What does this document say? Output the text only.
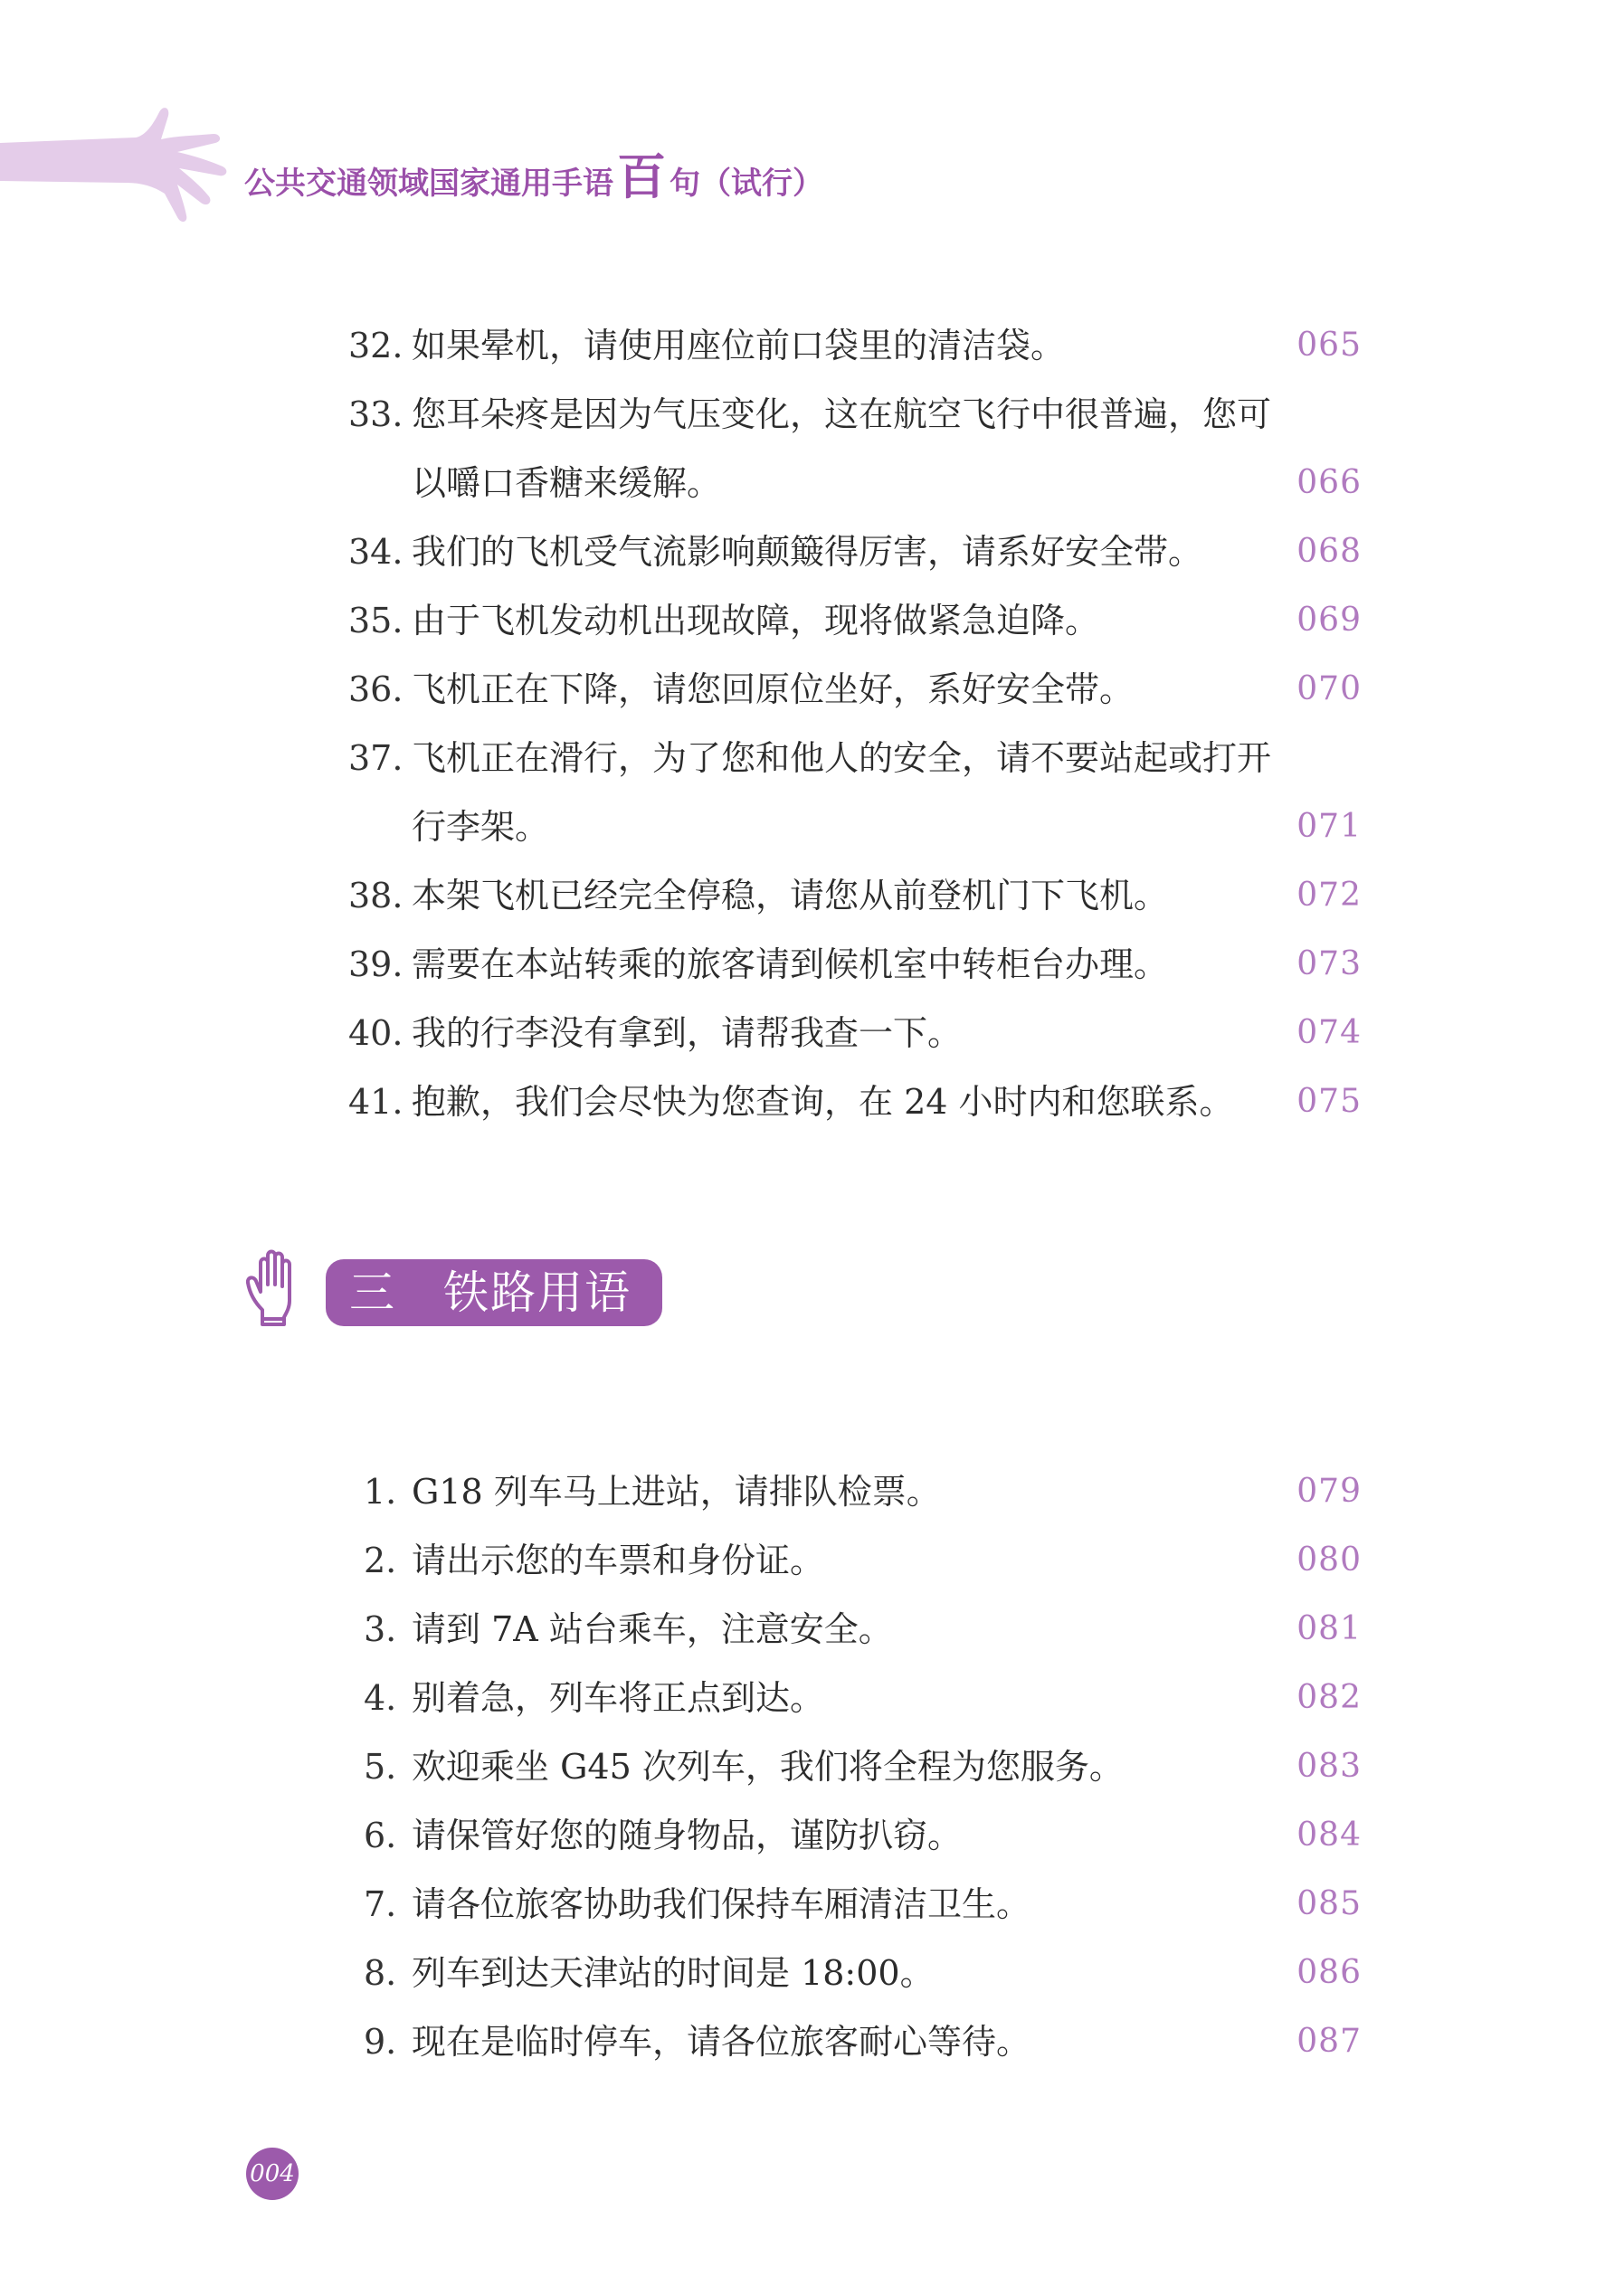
公共交通领域国家通用手语百 句（试行）
32. 如果晕机，请使用座位前口袋里的清洁袋。	065
33. 您耳朵疼是因为气压变化，这在航空飞行中很普遍，您可以嚼口香糖来缓解。	066
34. 我们的飞机受气流影响颠簸得厉害，请系好安全带。	068
35. 由于飞机发动机出现故障，现将做紧急迫降。	069
36. 飞机正在下降，请您回原位坐好，系好安全带。	070
37. 飞机正在滑行，为了您和他人的安全，请不要站起或打开行李架。	071
38. 本架飞机已经完全停稳，请您从前登机门下飞机。	072
39. 需要在本站转乘的旅客请到候机室中转柜台办理。	073
40. 我的行李没有拿到，请帮我查一下。	074
41. 抱歉，我们会尽快为您查询，在 24 小时内和您联系。	075
三 铁路用语
1. G18 列车马上进站，请排队检票。	079
2. 请出示您的车票和身份证。	080
3. 请到 7A 站台乘车，注意安全。	081
4. 别着急，列车将正点到达。	082
5. 欢迎乘坐 G45 次列车，我们将全程为您服务。	083
6. 请保管好您的随身物品，谨防扒窃。	084
7. 请各位旅客协助我们保持车厢清洁卫生。	085
8. 列车到达天津站的时间是 18:00。	086
9. 现在是临时停车，请各位旅客耐心等待。	087
004
